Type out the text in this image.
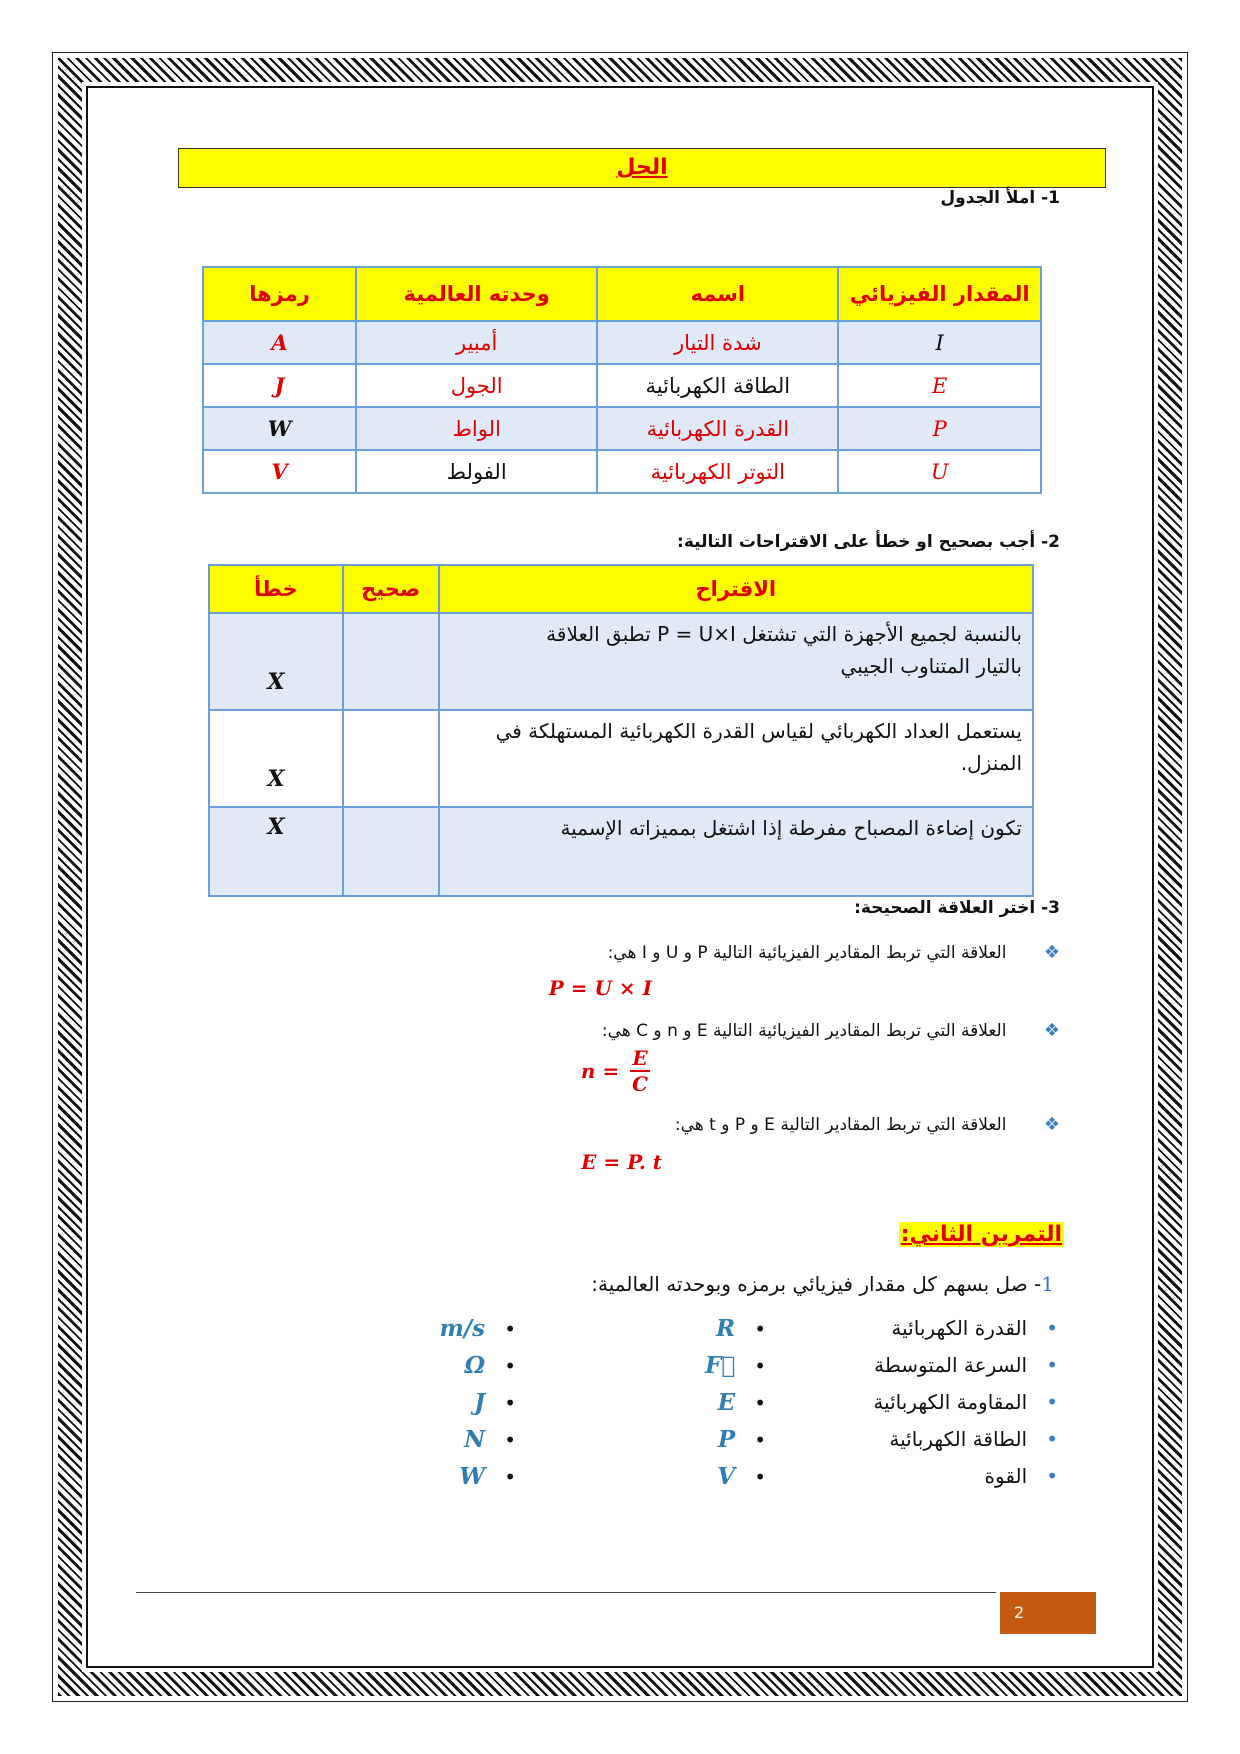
الحل
1- املأ الجدول
المقدار الفيزيائي	اسمه	وحدته العالمية	رمزها
I	شدة التيار	أمبير	A
E	الطاقة الكهربائية	الجول	J
P	القدرة الكهربائية	الواط	W
U	التوتر الكهربائية	الفولط	V
2- أجب بصحيح او خطأ على الاقتراحات التالية:
الاقتراح	صحيح	خطأ

بالنسبة لجميع الأجهزة التي تشتغل P = U×I تطبق العلاقة
بالتيار المتناوب الجيبي		X

يستعمل العداد الكهربائي لقياس القدرة الكهربائية المستهلكة في
المنزل.		X

تكون إضاءة المصباح مفرطة إذا اشتغل بمميزاته الإسمية		X
3- اختر العلاقة الصحيحة:
❖ العلاقة التي تربط المقادير الفيزيائية التالية P و U و I هي:
P = U × I
❖ العلاقة التي تربط المقادير الفيزيائية التالية E و n و C هي:
$n = \frac{E}{C}$
❖ العلاقة التي تربط المقادير التالية E و P و t هي:
E = P. t
التمرين الثاني:
1- صل بسهم كل مقدار فيزيائي برمزه وبوحدته العالمية:
•   القدرة الكهربائية
•   السرعة المتوسطة
•   المقاومة الكهربائية
•   الطاقة الكهربائية
•   القوة
•   R
•   F⃗
•   E
•   P
•   V
•   m/s
•   Ω
•   J
•   N
•   W
2
